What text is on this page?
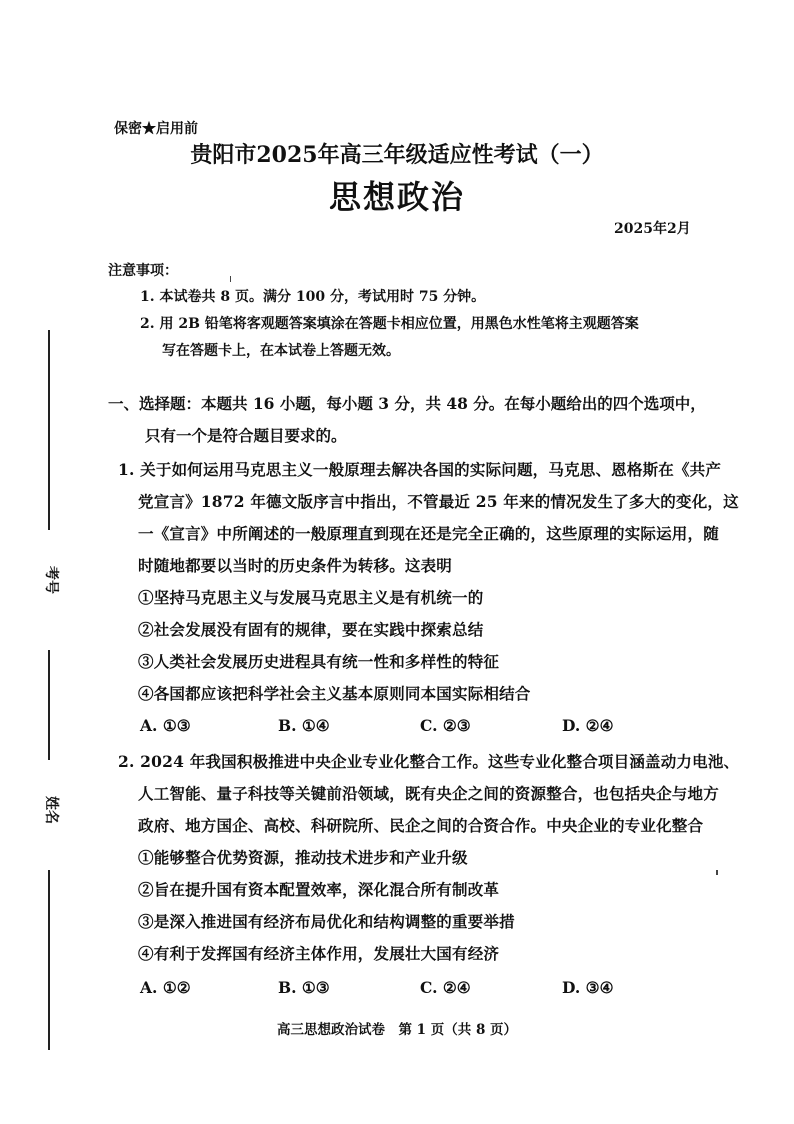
考号
姓名
保密★启用前
贵阳市2025年高三年级适应性考试（一）
思想政治
2025年2月
注意事项：
1. 本试卷共 8 页。满分 100 分，考试用时 75 分钟。
2. 用 2B 铅笔将客观题答案填涂在答题卡相应位置，用黑色水性笔将主观题答案
写在答题卡上，在本试卷上答题无效。
一、选择题：本题共 16 小题，每小题 3 分，共 48 分。在每小题给出的四个选项中，
只有一个是符合题目要求的。
1. 关于如何运用马克思主义一般原理去解决各国的实际问题，马克思、恩格斯在《共产
党宣言》1872 年德文版序言中指出，不管最近 25 年来的情况发生了多大的变化，这
一《宣言》中所阐述的一般原理直到现在还是完全正确的，这些原理的实际运用，随
时随地都要以当时的历史条件为转移。这表明
①坚持马克思主义与发展马克思主义是有机统一的
②社会发展没有固有的规律，要在实践中探索总结
③人类社会发展历史进程具有统一性和多样性的特征
④各国都应该把科学社会主义基本原则同本国实际相结合
A. ①③	B. ①④	C. ②③	D. ②④
2. 2024 年我国积极推进中央企业专业化整合工作。这些专业化整合项目涵盖动力电池、
人工智能、量子科技等关键前沿领域，既有央企之间的资源整合，也包括央企与地方
政府、地方国企、高校、科研院所、民企之间的合资合作。中央企业的专业化整合
①能够整合优势资源，推动技术进步和产业升级
②旨在提升国有资本配置效率，深化混合所有制改革
③是深入推进国有经济布局优化和结构调整的重要举措
④有利于发挥国有经济主体作用，发展壮大国有经济
A. ①②	B. ①③	C. ②④	D. ③④
高三思想政治试卷　第 1 页（共 8 页）
